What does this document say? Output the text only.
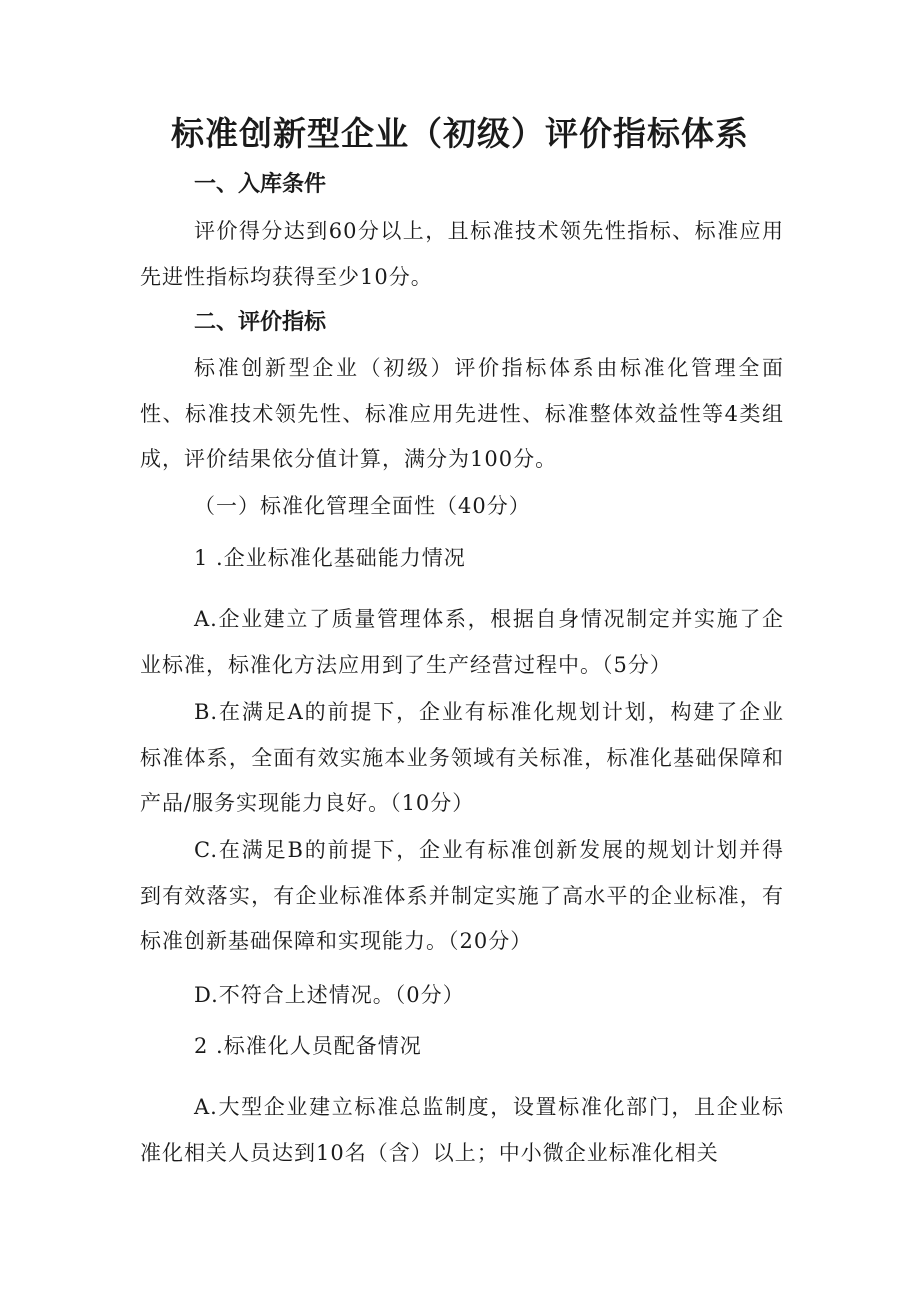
标准创新型企业（初级）评价指标体系
一、入库条件

评价得分达到60分以上，且标准技术领先性指标、标准应用先进性指标均获得至少10分。

二、评价指标

标准创新型企业（初级）评价指标体系由标准化管理全面性、标准技术领先性、标准应用先进性、标准整体效益性等4类组成，评价结果依分值计算，满分为100分。

（一）标准化管理全面性（40分）
1 .企业标准化基础能力情况

A.企业建立了质量管理体系，根据自身情况制定并实施了企业标准，标准化方法应用到了生产经营过程中。（5分）

B.在满足A的前提下，企业有标准化规划计划，构建了企业标准体系，全面有效实施本业务领域有关标准，标准化基础保障和产品/服务实现能力良好。（10分）

C.在满足B的前提下，企业有标准创新发展的规划计划并得到有效落实，有企业标准体系并制定实施了高水平的企业标准，有标准创新基础保障和实现能力。（20分）

D.不符合上述情况。（0分）
2 .标准化人员配备情况

A.大型企业建立标准总监制度，设置标准化部门，且企业标准化相关人员达到10名（含）以上；中小微企业标准化相关
